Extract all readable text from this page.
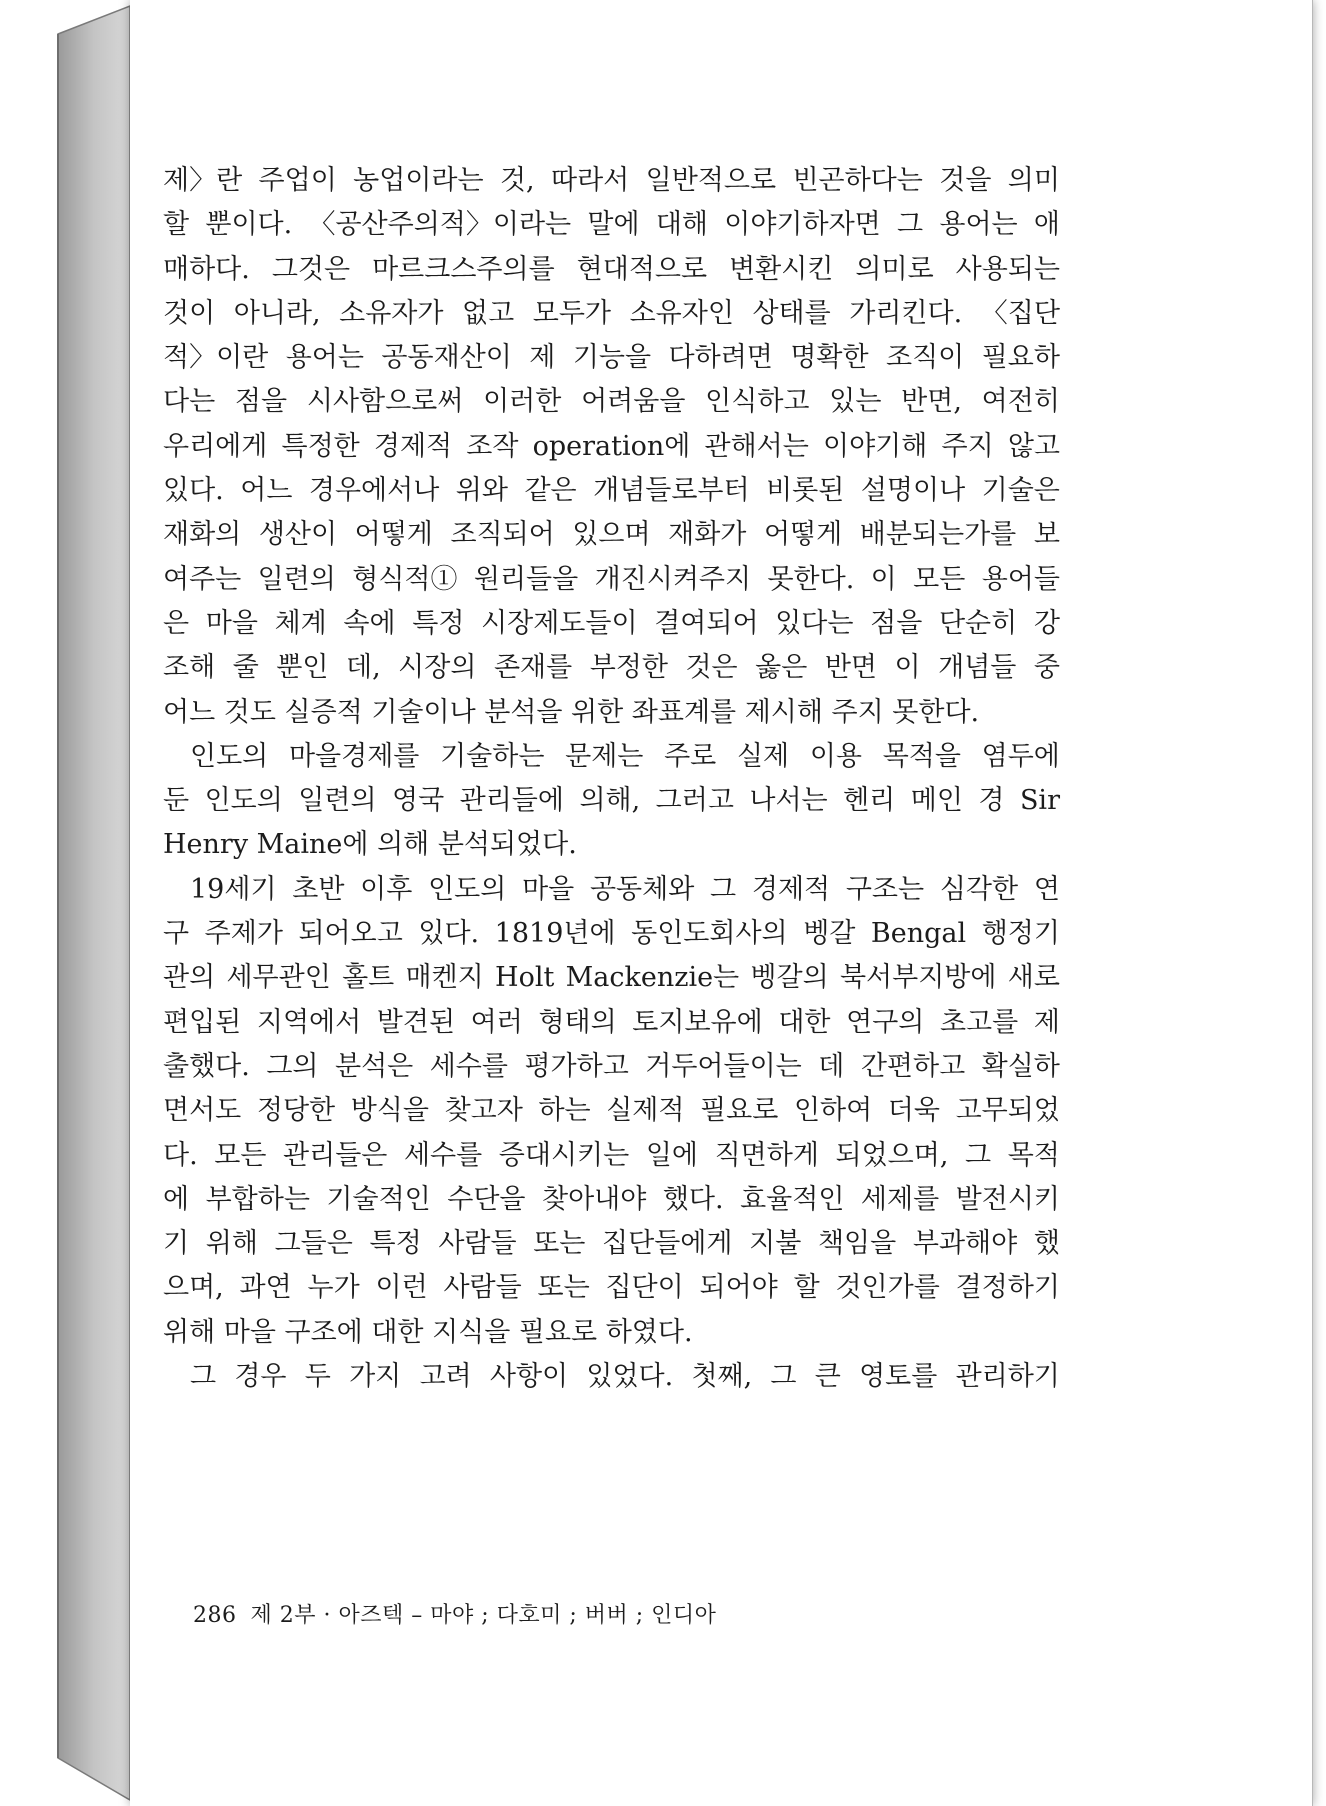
제〉란 주업이 농업이라는 것, 따라서 일반적으로 빈곤하다는 것을 의미
할 뿐이다. 〈공산주의적〉이라는 말에 대해 이야기하자면 그 용어는 애
매하다. 그것은 마르크스주의를 현대적으로 변환시킨 의미로 사용되는
것이 아니라, 소유자가 없고 모두가 소유자인 상태를 가리킨다. 〈집단
적〉이란 용어는 공동재산이 제 기능을 다하려면 명확한 조직이 필요하
다는 점을 시사함으로써 이러한 어려움을 인식하고 있는 반면, 여전히
우리에게 특정한 경제적 조작 operation에 관해서는 이야기해 주지 않고
있다. 어느 경우에서나 위와 같은 개념들로부터 비롯된 설명이나 기술은
재화의 생산이 어떻게 조직되어 있으며 재화가 어떻게 배분되는가를 보
여주는 일련의 형식적① 원리들을 개진시켜주지 못한다. 이 모든 용어들
은 마을 체계 속에 특정 시장제도들이 결여되어 있다는 점을 단순히 강
조해 줄 뿐인 데, 시장의 존재를 부정한 것은 옳은 반면 이 개념들 중
어느 것도 실증적 기술이나 분석을 위한 좌표계를 제시해 주지 못한다.
인도의 마을경제를 기술하는 문제는 주로 실제 이용 목적을 염두에
둔 인도의 일련의 영국 관리들에 의해, 그러고 나서는 헨리 메인 경 Sir
Henry Maine에 의해 분석되었다.
19세기 초반 이후 인도의 마을 공동체와 그 경제적 구조는 심각한 연
구 주제가 되어오고 있다. 1819년에 동인도회사의 벵갈 Bengal 행정기
관의 세무관인 홀트 매켄지 Holt Mackenzie는 벵갈의 북서부지방에 새로
편입된 지역에서 발견된 여러 형태의 토지보유에 대한 연구의 초고를 제
출했다. 그의 분석은 세수를 평가하고 거두어들이는 데 간편하고 확실하
면서도 정당한 방식을 찾고자 하는 실제적 필요로 인하여 더욱 고무되었
다. 모든 관리들은 세수를 증대시키는 일에 직면하게 되었으며, 그 목적
에 부합하는 기술적인 수단을 찾아내야 했다. 효율적인 세제를 발전시키
기 위해 그들은 특정 사람들 또는 집단들에게 지불 책임을 부과해야 했
으며, 과연 누가 이런 사람들 또는 집단이 되어야 할 것인가를 결정하기
위해 마을 구조에 대한 지식을 필요로 하였다.
그 경우 두 가지 고려 사항이 있었다. 첫째, 그 큰 영토를 관리하기
286 제 2부 · 아즈텍 – 마야 ; 다호미 ; 버버 ; 인디아
